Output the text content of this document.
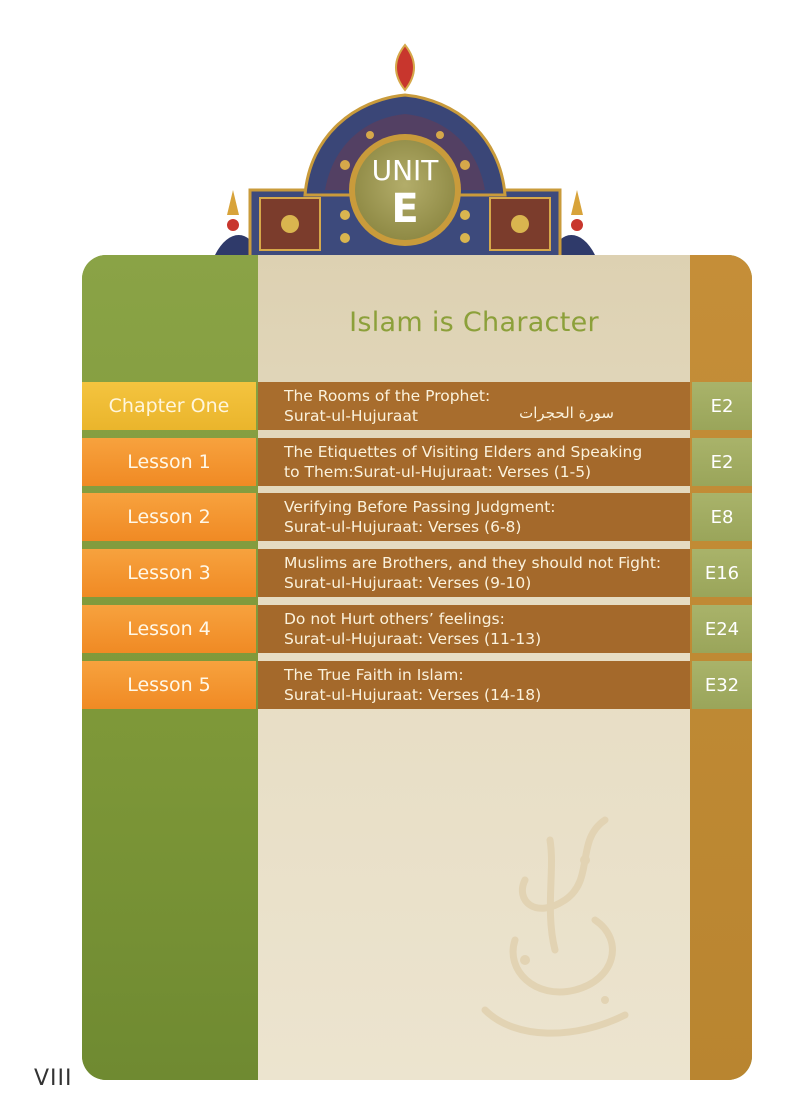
UNIT
E
Islam is Character
Chapter One	The Rooms of the Prophet:
Surat-ul-Hujuraat	سورة الحجرات	E2
Lesson 1	The Etiquettes of Visiting Elders and Speaking
to Them:Surat-ul-Hujuraat: Verses (1-5)	E2
Lesson 2	Verifying Before Passing Judgment:
Surat-ul-Hujuraat: Verses (6-8)	E8
Lesson 3	Muslims are Brothers, and they should not Fight:
Surat-ul-Hujuraat: Verses (9-10)	E16
Lesson 4	Do not Hurt others’ feelings:
Surat-ul-Hujuraat: Verses (11-13)	E24
Lesson 5	The True Faith in Islam:
Surat-ul-Hujuraat: Verses (14-18)	E32
VIII
